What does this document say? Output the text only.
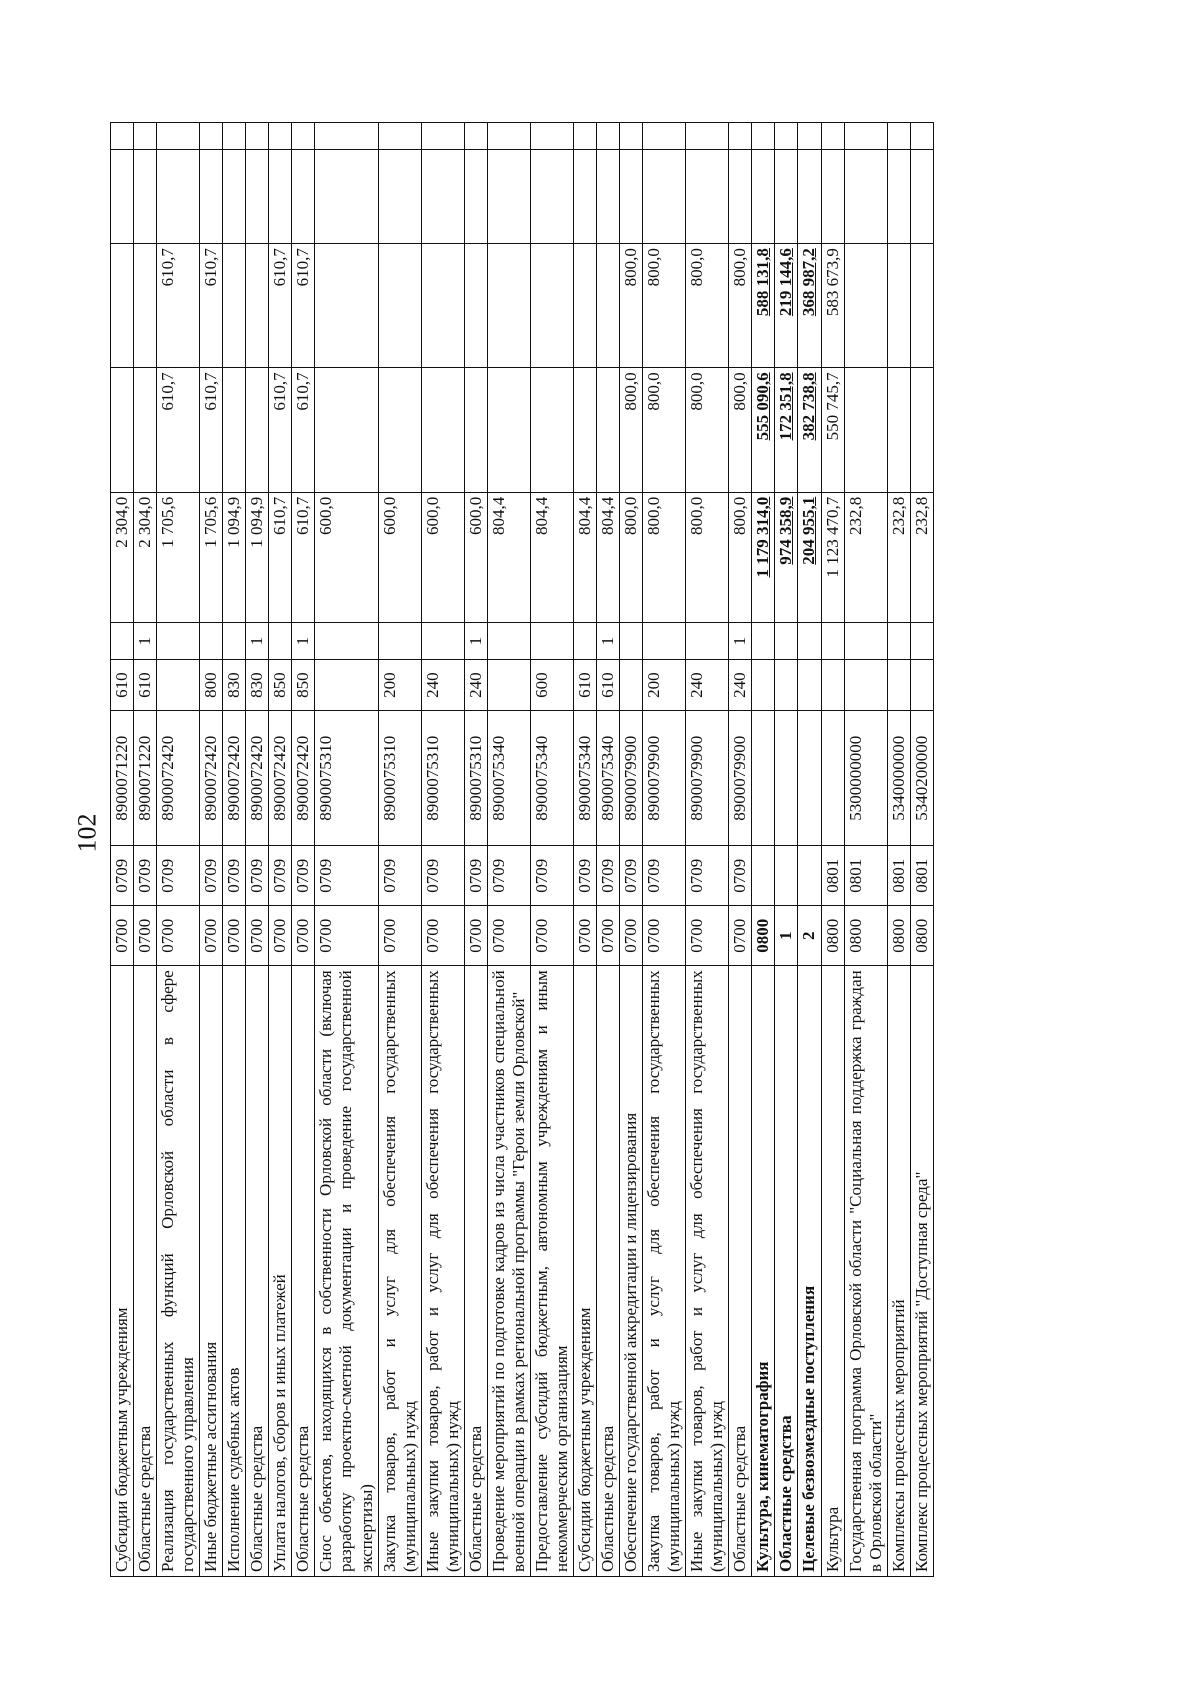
102
Субсидии бюджетным учреждениям	0700	0709	8900071220	610		2 304,0				
Областные средства	0700	0709	8900071220	610	1	2 304,0				
Реализация государственных функций Орловской области в сфере государственного управления	0700	0709	8900072420			1 705,6	610,7	610,7		
Иные бюджетные ассигнования	0700	0709	8900072420	800		1 705,6	610,7	610,7		
Исполнение судебных актов	0700	0709	8900072420	830		1 094,9				
Областные средства	0700	0709	8900072420	830	1	1 094,9				
Уплата налогов, сборов и иных платежей	0700	0709	8900072420	850		610,7	610,7	610,7		
Областные средства	0700	0709	8900072420	850	1	610,7	610,7	610,7		
Снос объектов, находящихся в собственности Орловской области (включая разработку проектно-сметной документации и проведение государственной экспертизы)	0700	0709	8900075310			600,0				
Закупка товаров, работ и услуг для обеспечения государственных (муниципальных) нужд	0700	0709	8900075310	200		600,0				
Иные закупки товаров, работ и услуг для обеспечения государственных (муниципальных) нужд	0700	0709	8900075310	240		600,0				
Областные средства	0700	0709	8900075310	240	1	600,0				
Проведение мероприятий по подготовке кадров из числа участников специальной военной операции в рамках региональной программы "Герои земли Орловской"	0700	0709	8900075340			804,4				
Предоставление субсидий бюджетным, автономным учреждениям и иным некоммерческим организациям	0700	0709	8900075340	600		804,4				
Субсидии бюджетным учреждениям	0700	0709	8900075340	610		804,4				
Областные средства	0700	0709	8900075340	610	1	804,4				
Обеспечение государственной аккредитации и лицензирования	0700	0709	8900079900			800,0	800,0	800,0		
Закупка товаров, работ и услуг для обеспечения государственных (муниципальных) нужд	0700	0709	8900079900	200		800,0	800,0	800,0		
Иные закупки товаров, работ и услуг для обеспечения государственных (муниципальных) нужд	0700	0709	8900079900	240		800,0	800,0	800,0		
Областные средства	0700	0709	8900079900	240	1	800,0	800,0	800,0		
Культура, кинематография	0800					1 179 314,0	555 090,6	588 131,8		
Областные средства	1					974 358,9	172 351,8	219 144,6		
Целевые безвозмездные поступления	2					204 955,1	382 738,8	368 987,2		
Культура	0800	0801				1 123 470,7	550 745,7	583 673,9		
Государственная программа Орловской области "Социальная поддержка граждан в Орловской области"	0800	0801	5300000000			232,8				
Комплексы процессных мероприятий	0800	0801	5340000000			232,8				
Комплекс процессных мероприятий "Доступная среда"	0800	0801	5340200000			232,8				
